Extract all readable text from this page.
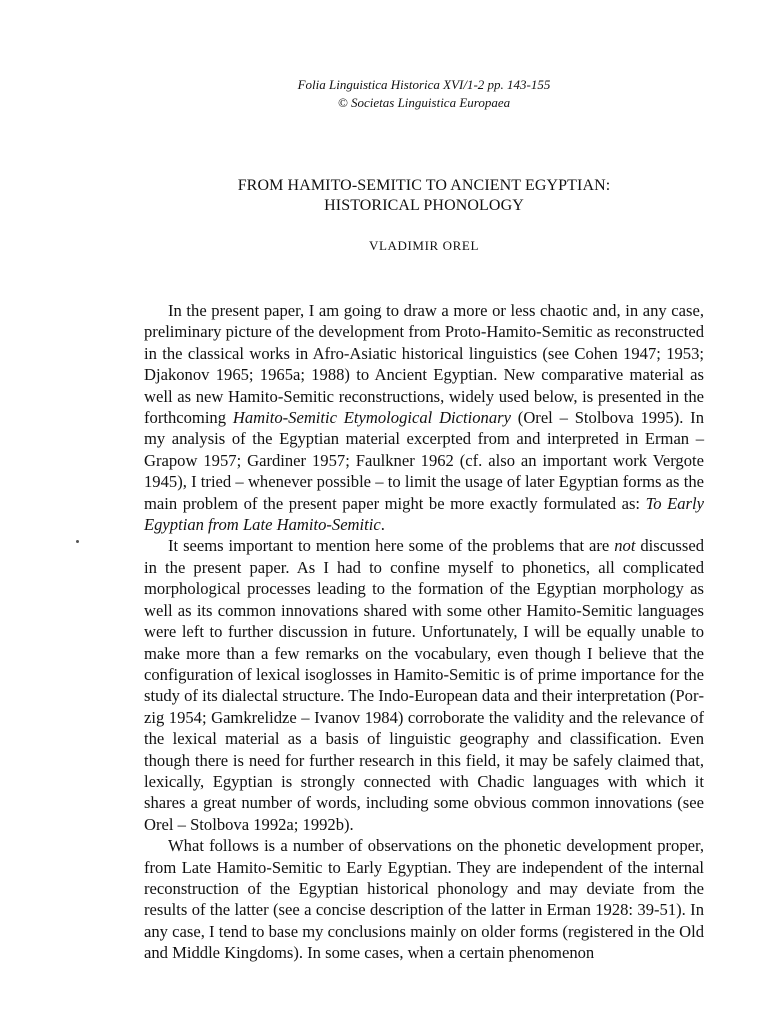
Folia Linguistica Historica XVI/1-2 pp. 143-155
© Societas Linguistica Europaea
FROM HAMITO-SEMITIC TO ANCIENT EGYPTIAN:
HISTORICAL PHONOLOGY
VLADIMIR OREL

In the present paper, I am going to draw a more or less chaotic and, in any case, preliminary picture of the development from Proto-Hamito-Semitic as reconstructed in the classical works in Afro-Asiatic historical linguistics (see Cohen 1947; 1953; Djakonov 1965; 1965a; 1988) to Ancient Egyptian. New comparative material as well as new Hamito-Semitic reconstructions, widely used below, is presented in the forthcoming Hamito-Semitic Etymological Dictionary (Orel – Stolbova 1995). In my analysis of the Egyptian material excerpted from and interpreted in Erman – Grapow 1957; Gardiner 1957; Faulkner 1962 (cf. also an important work Vergote 1945), I tried – whenever possible – to limit the usage of later Egyptian forms as the main problem of the present paper might be more exactly formulated as: To Early Egyptian from Late Hamito-Semitic.

It seems important to mention here some of the problems that are not discussed in the present paper. As I had to confine myself to phonetics, all complicated morphological processes leading to the formation of the Egyptian morphology as well as its common innovations shared with some other Hamito-Semitic languages were left to further discussion in future. Unfortunately, I will be equally unable to make more than a few remarks on the vocabulary, even though I believe that the configuration of lexical isoglosses in Hamito-Semitic is of prime importance for the study of its dialectal structure. The Indo-European data and their interpretation (Porzig 1954; Gamkrelidze – Ivanov 1984) corroborate the validity and the relevance of the lexical material as a basis of linguistic geography and classification. Even though there is need for further research in this field, it may be safely claimed that, lexically, Egyptian is strongly connected with Chadic languages with which it shares a great number of words, including some obvious common innovations (see Orel – Stolbova 1992a; 1992b).

What follows is a number of observations on the phonetic development proper, from Late Hamito-Semitic to Early Egyptian. They are independent of the internal reconstruction of the Egyptian historical phonology and may deviate from the results of the latter (see a concise description of the latter in Erman 1928: 39-51). In any case, I tend to base my conclusions mainly on older forms (registered in the Old and Middle Kingdoms). In some cases, when a certain phenomenon
